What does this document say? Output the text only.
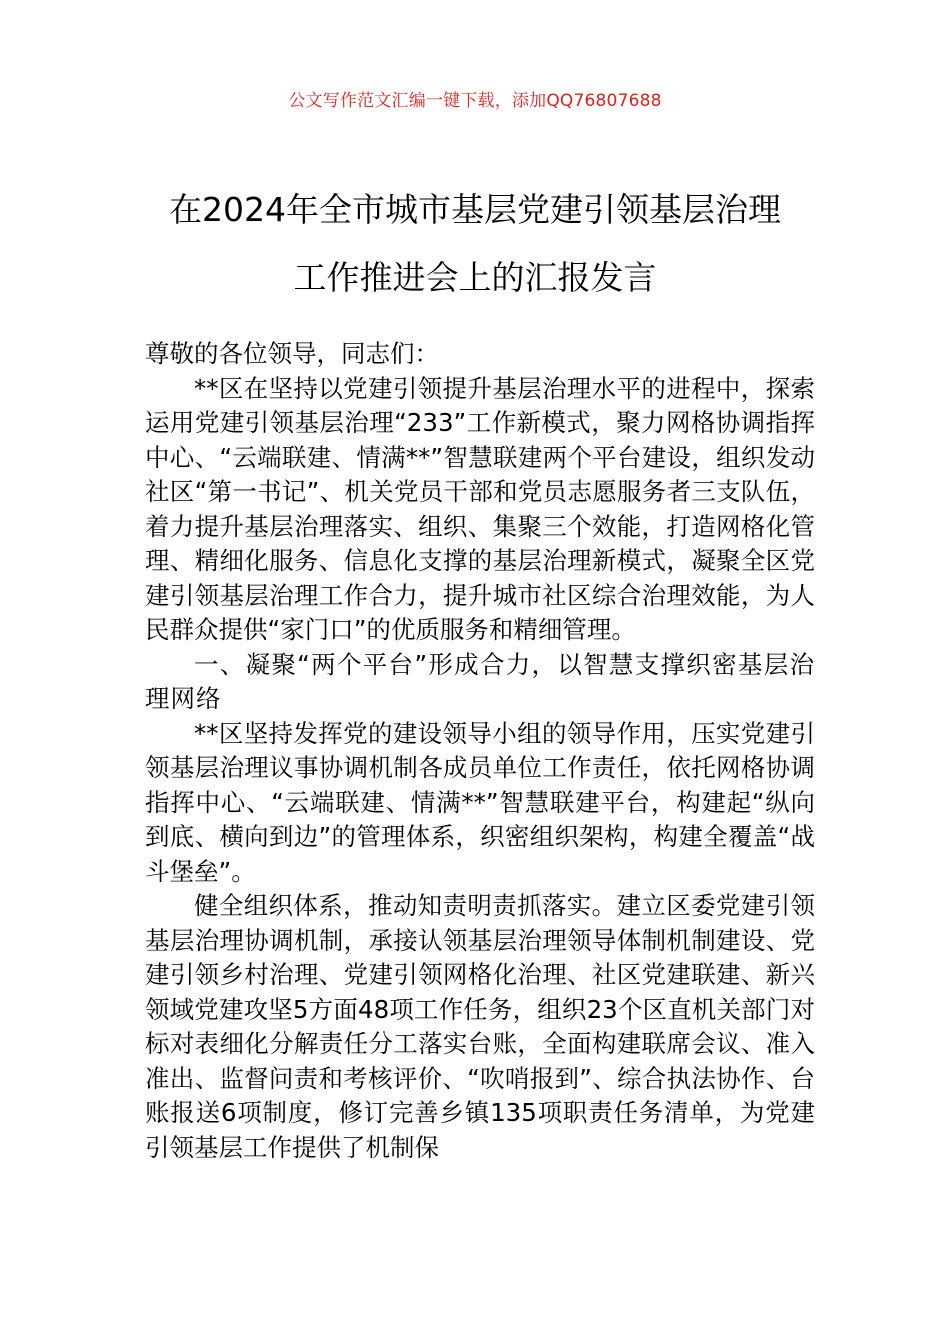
公文写作范文汇编一键下载，添加QQ76807688
在2024年全市城市基层党建引领基层治理
工作推进会上的汇报发言

尊敬的各位领导，同志们：

**区在坚持以党建引领提升基层治理水平的进程中，探索运用党建引领基层治理“233”工作新模式，聚力网格协调指挥中心、“云端联建、情满**”智慧联建两个平台建设，组织发动社区“第一书记”、机关党员干部和党员志愿服务者三支队伍，着力提升基层治理落实、组织、集聚三个效能，打造网格化管理、精细化服务、信息化支撑的基层治理新模式，凝聚全区党建引领基层治理工作合力，提升城市社区综合治理效能，为人民群众提供“家门口”的优质服务和精细管理。

一、凝聚“两个平台”形成合力，以智慧支撑织密基层治理网络

**区坚持发挥党的建设领导小组的领导作用，压实党建引领基层治理议事协调机制各成员单位工作责任，依托网格协调指挥中心、“云端联建、情满**”智慧联建平台，构建起“纵向到底、横向到边”的管理体系，织密组织架构，构建全覆盖“战斗堡垒”。

健全组织体系，推动知责明责抓落实。建立区委党建引领基层治理协调机制，承接认领基层治理领导体制机制建设、党建引领乡村治理、党建引领网格化治理、社区党建联建、新兴领域党建攻坚5方面48项工作任务，组织23个区直机关部门对标对表细化分解责任分工落实台账，全面构建联席会议、准入准出、监督问责和考核评价、“吹哨报到”、综合执法协作、台账报送6项制度，修订完善乡镇135项职责任务清单，为党建引领基层工作提供了机制保
